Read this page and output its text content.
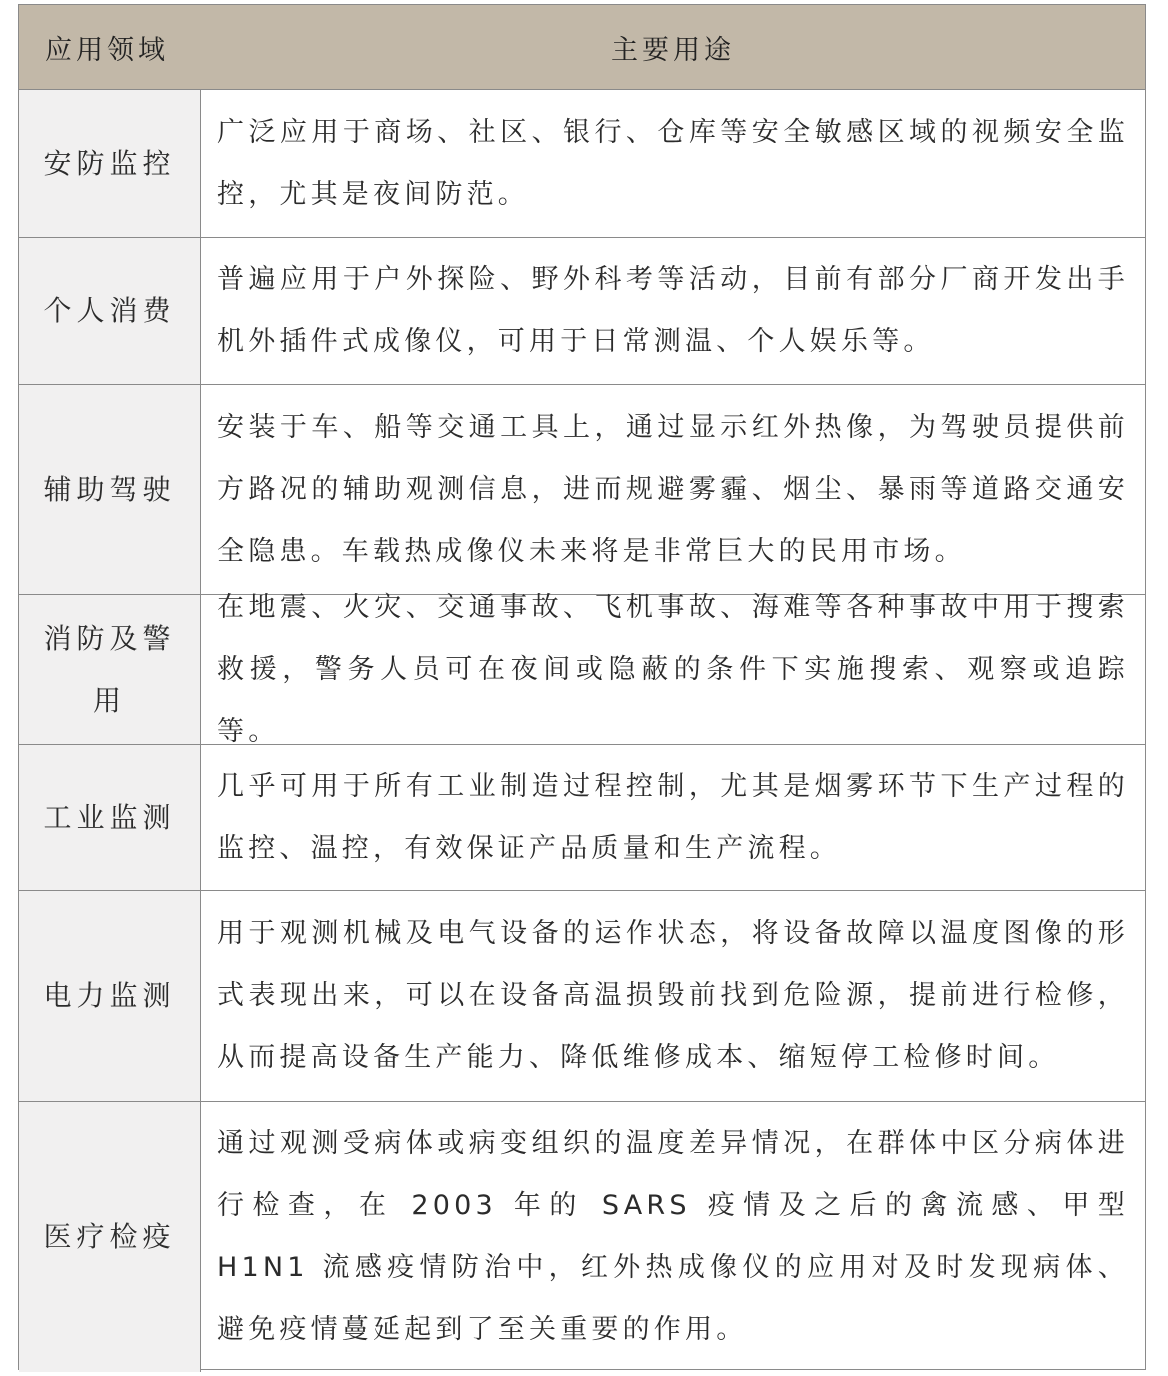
应用领域	主要用途
安防监控
广泛应用于商场、社区、银行、仓库等安全敏感区域的视频安全监控，尤其是夜间防范。
个人消费
普遍应用于户外探险、野外科考等活动，目前有部分厂商开发出手机外插件式成像仪，可用于日常测温、个人娱乐等。
辅助驾驶
安装于车、船等交通工具上，通过显示红外热像，为驾驶员提供前方路况的辅助观测信息，进而规避雾霾、烟尘、暴雨等道路交通安全隐患。车载热成像仪未来将是非常巨大的民用市场。
消防及警用
在地震、火灾、交通事故、飞机事故、海难等各种事故中用于搜索救援，警务人员可在夜间或隐蔽的条件下实施搜索、观察或追踪等。
工业监测
几乎可用于所有工业制造过程控制，尤其是烟雾环节下生产过程的监控、温控，有效保证产品质量和生产流程。
电力监测
用于观测机械及电气设备的运作状态，将设备故障以温度图像的形式表现出来，可以在设备高温损毁前找到危险源，提前进行检修，从而提高设备生产能力、降低维修成本、缩短停工检修时间。
医疗检疫
通过观测受病体或病变组织的温度差异情况，在群体中区分病体进行检查，在 2003 年的 SARS 疫情及之后的禽流感、甲型 H1N1 流感疫情防治中，红外热成像仪的应用对及时发现病体、避免疫情蔓延起到了至关重要的作用。
